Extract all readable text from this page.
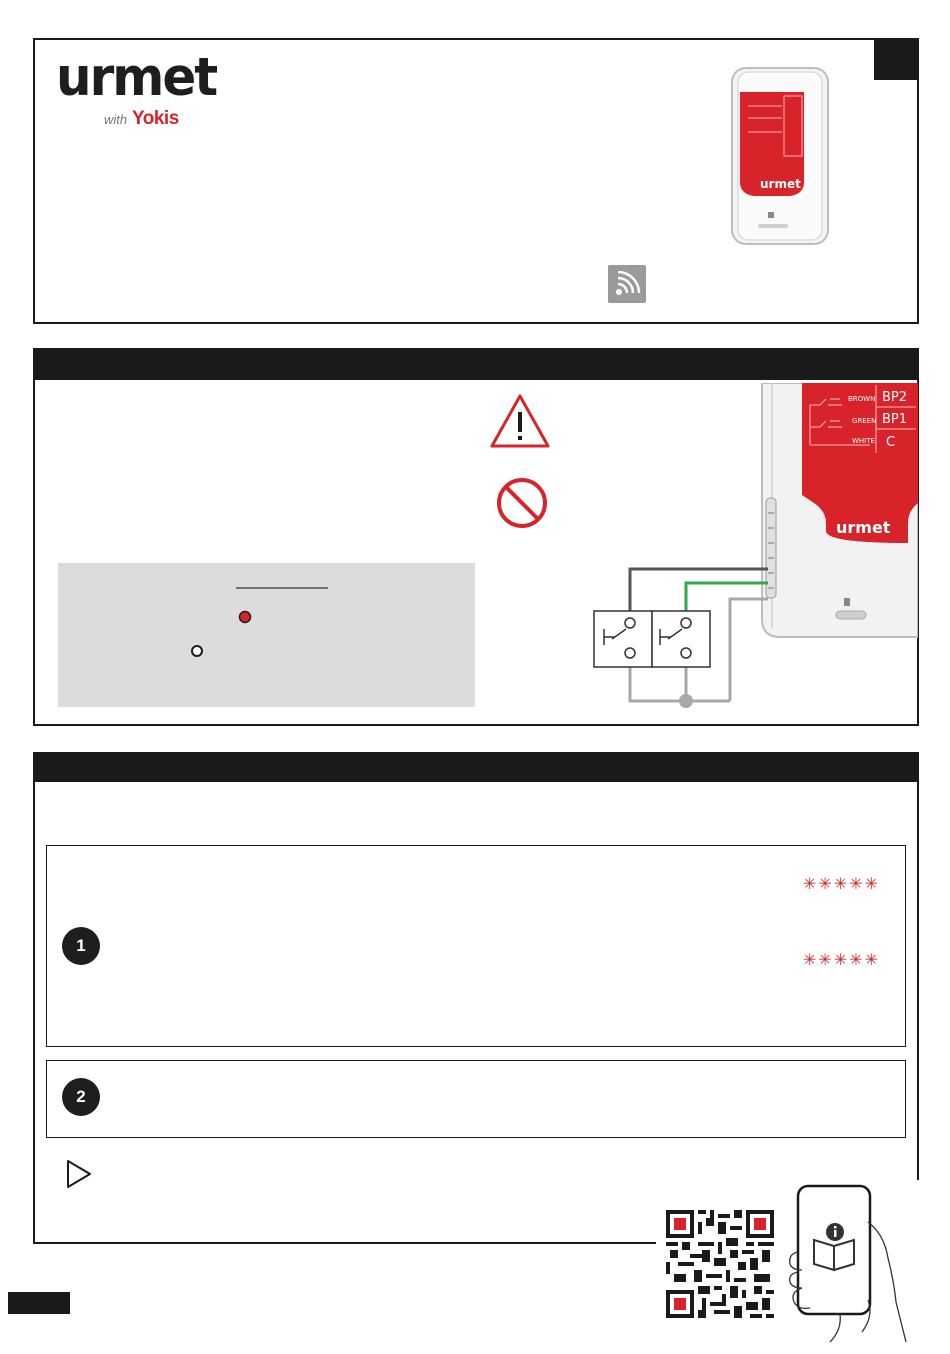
urmet
with Yokis
urmet
BROWN
GREEN
WHITE
BP2
BP1
C
urmet
1
✳✳✳✳✳
✳✳✳✳✳
2
